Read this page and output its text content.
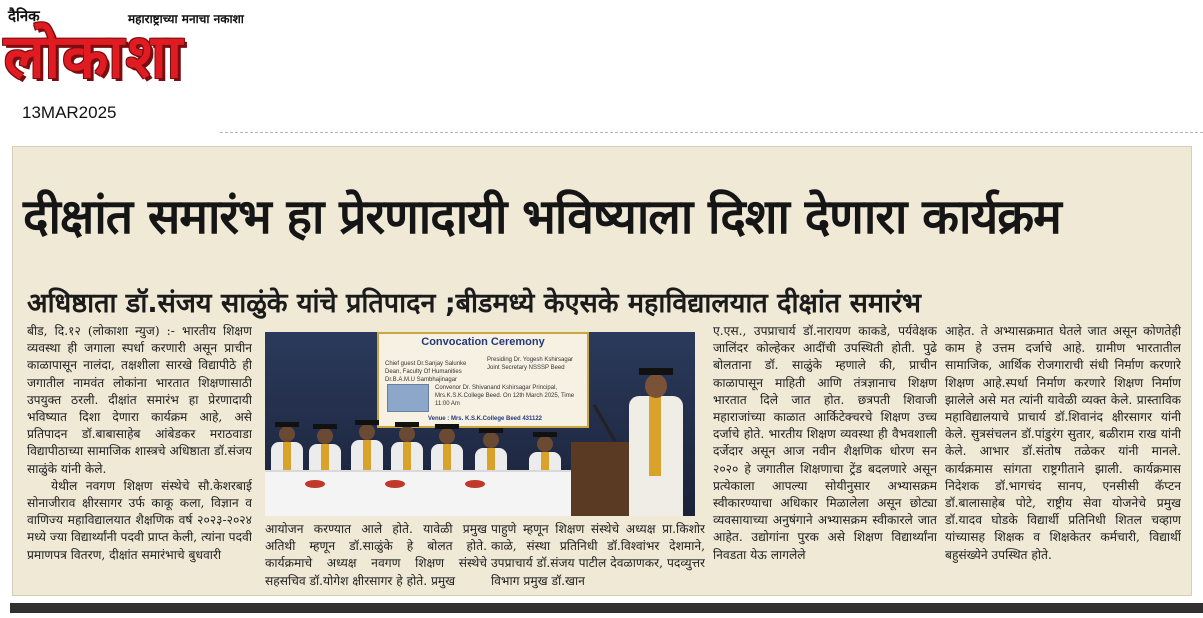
दैनिक	महाराष्ट्राच्या मनाचा नकाशा
लोकाशा
13MAR2025
दीक्षांत समारंभ हा प्रेरणादायी भविष्याला दिशा देणारा कार्यक्रम
अधिष्ठाता डॉ.संजय साळुंके यांचे प्रतिपादन ;बीडमध्ये केएसके महाविद्यालयात दीक्षांत समारंभ

बीड, दि.१२ (लोकाशा न्युज) :- भारतीय शिक्षण व्यवस्था ही जगाला स्पर्धा करणारी असून प्राचीन काळापासून नालंदा, तक्षशीला सारखे विद्यापीठे ही जगातील नामवंत लोकांना भारतात शिक्षणासाठी उपयुक्त ठरली. दीक्षांत समारंभ हा प्रेरणादायी भविष्यात दिशा देणारा कार्यक्रम आहे, असे प्रतिपादन डॉ.बाबासाहेब आंबेडकर मराठवाडा विद्यापीठाच्या सामाजिक शास्त्रचे अधिष्ठाता डॉ.संजय साळुंके यांनी केले.

येथील नवगण शिक्षण संस्थेचे सौ.केशरबाई सोनाजीराव क्षीरसागर उर्फ काकू कला, विज्ञान व वाणिज्य महाविद्यालयात शैक्षणिक वर्ष २०२३-२०२४ मध्ये ज्या विद्यार्थ्यांनी पदवी प्राप्त केली, त्यांना पदवी प्रमाणपत्र वितरण, दीक्षांत समारंभाचे बुधवारी

Convocation Ceremony
Chief guest Dr.Sanjay Salunke Dean, Faculty Of Humanities Dr.B.A.M.U Sambhajinagar
Presiding Dr. Yogesh Kshirsagar Joint Secretary NSSSP Beed
Convenor Dr. Shivanand Kshirsagar Principal, Mrs.K.S.K.College Beed. On 12th March 2025, Time 11:00 Am
Venue : Mrs. K.S.K.College Beed 431122

आयोजन करण्यात आले होते. यावेळी प्रमुख अतिथी म्हणून डॉ.साळुंके हे बोलत होते. कार्यक्रमाचे अध्यक्ष नवगण शिक्षण संस्थेचे सहसचिव डॉ.योगेश क्षीरसागर हे होते. प्रमुख

पाहुणे म्हणून शिक्षण संस्थेचे अध्यक्ष प्रा.किशोर काळे, संस्था प्रतिनिधी डॉ.विश्वांभर देशमाने, उपप्राचार्य डॉ.संजय पाटील देवळाणकर, पदव्युत्तर विभाग प्रमुख डॉ.खान

ए.एस., उपप्राचार्य डॉ.नारायण काकडे, पर्यवेक्षक जालिंदर कोल्हेकर आदींची उपस्थिती होती. पुढे बोलताना डॉ. साळुंके म्हणाले की, प्राचीन काळापासून माहिती आणि तंत्रज्ञानाच शिक्षण भारतात दिले जात होत. छत्रपती शिवाजी महाराजांच्या काळात आर्किटेक्चरचे शिक्षण उच्च दर्जाचे होते. भारतीय शिक्षण व्यवस्था ही वैभवशाली दर्जेदार असून आज नवीन शैक्षणिक धोरण सन २०२० हे जगातील शिक्षणाचा ट्रेंड बदलणारे असून प्रत्येकाला आपल्या सोयीनुसार अभ्यासक्रम स्वीकारण्याचा अधिकार मिळालेला असून छोट्या व्यवसायाच्या अनुषंगाने अभ्यासक्रम स्वीकारले जात आहेत. उद्योगांना पुरक असे शिक्षण विद्यार्थ्यांना निवडता येऊ लागलेले

आहेत. ते अभ्यासक्रमात घेतले जात असून कोणतेही काम हे उत्तम दर्जाचे आहे. ग्रामीण भारतातील सामाजिक, आर्थिक रोजगाराची संधी निर्माण करणारे शिक्षण आहे.स्पर्धा निर्माण करणारे शिक्षण निर्माण झालेले असे मत त्यांनी यावेळी व्यक्त केले. प्रास्ताविक महाविद्यालयाचे प्राचार्य डॉ.शिवानंद क्षीरसागर यांनी केले. सुत्रसंचलन डॉ.पांडुरंग सुतार, बळीराम राख यांनी केले. आभार डॉ.संतोष तळेकर यांनी मानले. कार्यक्रमास सांगता राष्ट्रगीताने झाली. कार्यक्रमास निदेशक डॉ.भागचंद सानप, एनसीसी कॅप्टन डॉ.बालासाहेब पोटे, राष्ट्रीय सेवा योजनेचे प्रमुख डॉ.यादव घोडके विद्यार्थी प्रतिनिधी शितल चव्हाण यांच्यासह शिक्षक व शिक्षकेतर कर्मचारी, विद्यार्थी बहुसंख्येने उपस्थित होते.
